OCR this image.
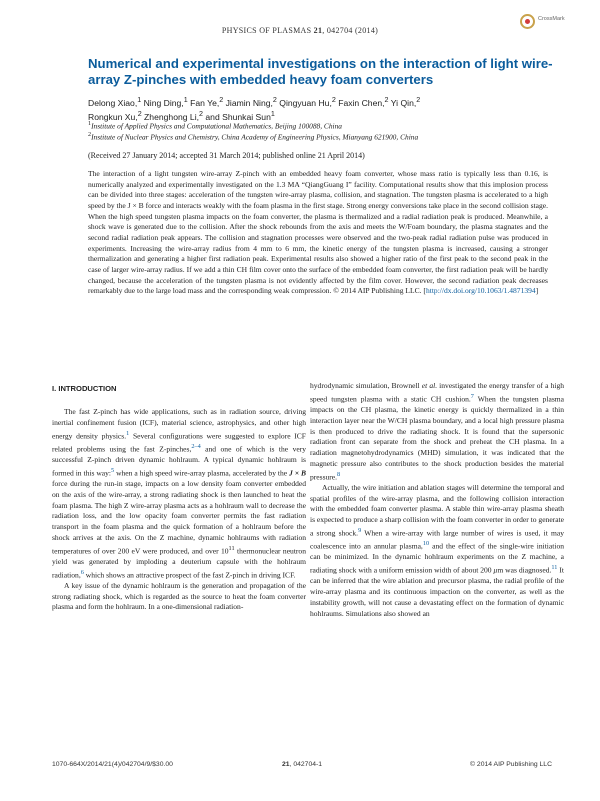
PHYSICS OF PLASMAS 21, 042704 (2014)
CrossMark
Numerical and experimental investigations on the interaction of light wire-array Z-pinches with embedded heavy foam converters
Delong Xiao,$^1$ Ning Ding,$^1$ Fan Ye,$^2$ Jiamin Ning,$^2$ Qingyuan Hu,$^2$ Faxin Chen,$^2$ Yi Qin,$^2$
Rongkun Xu,$^2$ Zhenghong Li,$^2$ and Shunkai Sun$^1$
$^1$Institute of Applied Physics and Computational Mathematics, Beijing 100088, China
$^2$Institute of Nuclear Physics and Chemistry, China Academy of Engineering Physics, Mianyang 621900, China
(Received 27 January 2014; accepted 31 March 2014; published online 21 April 2014)
The interaction of a light tungsten wire-array Z-pinch with an embedded heavy foam converter, whose mass ratio is typically less than 0.16, is numerically analyzed and experimentally investigated on the 1.3 MA “QiangGuang I” facility. Computational results show that this implosion process can be divided into three stages: acceleration of the tungsten wire-array plasma, collision, and stagnation. The tungsten plasma is accelerated to a high speed by the J × B force and interacts weakly with the foam plasma in the first stage. Strong energy conversions take place in the second collision stage. When the high speed tungsten plasma impacts on the foam converter, the plasma is thermalized and a radial radiation peak is produced. Meanwhile, a shock wave is generated due to the collision. After the shock rebounds from the axis and meets the W/Foam boundary, the plasma stagnates and the second radial radiation peak appears. The collision and stagnation processes were observed and the two-peak radial radiation pulse was produced in experiments. Increasing the wire-array radius from 4 mm to 6 mm, the kinetic energy of the tungsten plasma is increased, causing a stronger thermalization and generating a higher first radiation peak. Experimental results also showed a higher ratio of the first peak to the second peak in the case of larger wire-array radius. If we add a thin CH film cover onto the surface of the embedded foam converter, the first radiation peak will be hardly changed, because the acceleration of the tungsten plasma is not evidently affected by the film cover. However, the second radiation peak decreases remarkably due to the large load mass and the corresponding weak compression. © 2014 AIP Publishing LLC. [http://dx.doi.org/10.1063/1.4871394]
I. INTRODUCTION

The fast Z-pinch has wide applications, such as in radiation source, driving inertial confinement fusion (ICF), material science, astrophysics, and other high energy density physics.$^1$ Several configurations were suggested to explore ICF related problems using the fast Z-pinches,$^{2-4}$ and one of which is the very successful Z-pinch driven dynamic hohlraum. A typical dynamic hohlraum is formed in this way:$^5$ when a high speed wire-array plasma, accelerated by the J × B force during the run-in stage, impacts on a low density foam converter embedded on the axis of the wire-array, a strong radiating shock is then launched to heat the foam plasma. The high Z wire-array plasma acts as a hohlraum wall to decrease the radiation loss, and the low opacity foam converter permits the fast radiation transport in the foam plasma and the quick formation of a hohlraum before the shock arrives at the axis. On the Z machine, dynamic hohlraums with radiation temperatures of over 200 eV were produced, and over $10^{11}$ thermonuclear neutron yield was generated by imploding a deuterium capsule with the hohlraum radiation,$^6$ which shows an attractive prospect of the fast Z-pinch in driving ICF.

A key issue of the dynamic hohlraum is the generation and propagation of the strong radiating shock, which is regarded as the source to heat the foam converter plasma and form the hohlraum. In a one-dimensional radiation-

hydrodynamic simulation, Brownell et al. investigated the energy transfer of a high speed tungsten plasma with a static CH cushion.$^7$ When the tungsten plasma impacts on the CH plasma, the kinetic energy is quickly thermalized in a thin interaction layer near the W/CH plasma boundary, and a local high pressure plasma is then produced to drive the radiating shock. It is found that the supersonic radiation front can separate from the shock and preheat the CH plasma. In a radiation magnetohydrodynamics (MHD) simulation, it was indicated that the magnetic pressure also contributes to the shock production besides the material pressure.$^8$

Actually, the wire initiation and ablation stages will determine the temporal and spatial profiles of the wire-array plasma, and the following collision interaction with the embedded foam converter plasma. A stable thin wire-array plasma sheath is expected to produce a sharp collision with the foam converter in order to generate a strong shock.$^9$ When a wire-array with large number of wires is used, it may coalescence into an annular plasma,$^{10}$ and the effect of the single-wire initiation can be minimized. In the dynamic hohlraum experiments on the Z machine, a radiating shock with a uniform emission width of about 200 μm was diagnosed.$^{11}$ It can be inferred that the wire ablation and precursor plasma, the radial profile of the wire-array plasma and its continuous impaction on the converter, as well as the instability growth, will not cause a devastating effect on the formation of dynamic hohlraums. Simulations also showed an

1070-664X/2014/21(4)/042704/9/$30.00	21, 042704-1	© 2014 AIP Publishing LLC
